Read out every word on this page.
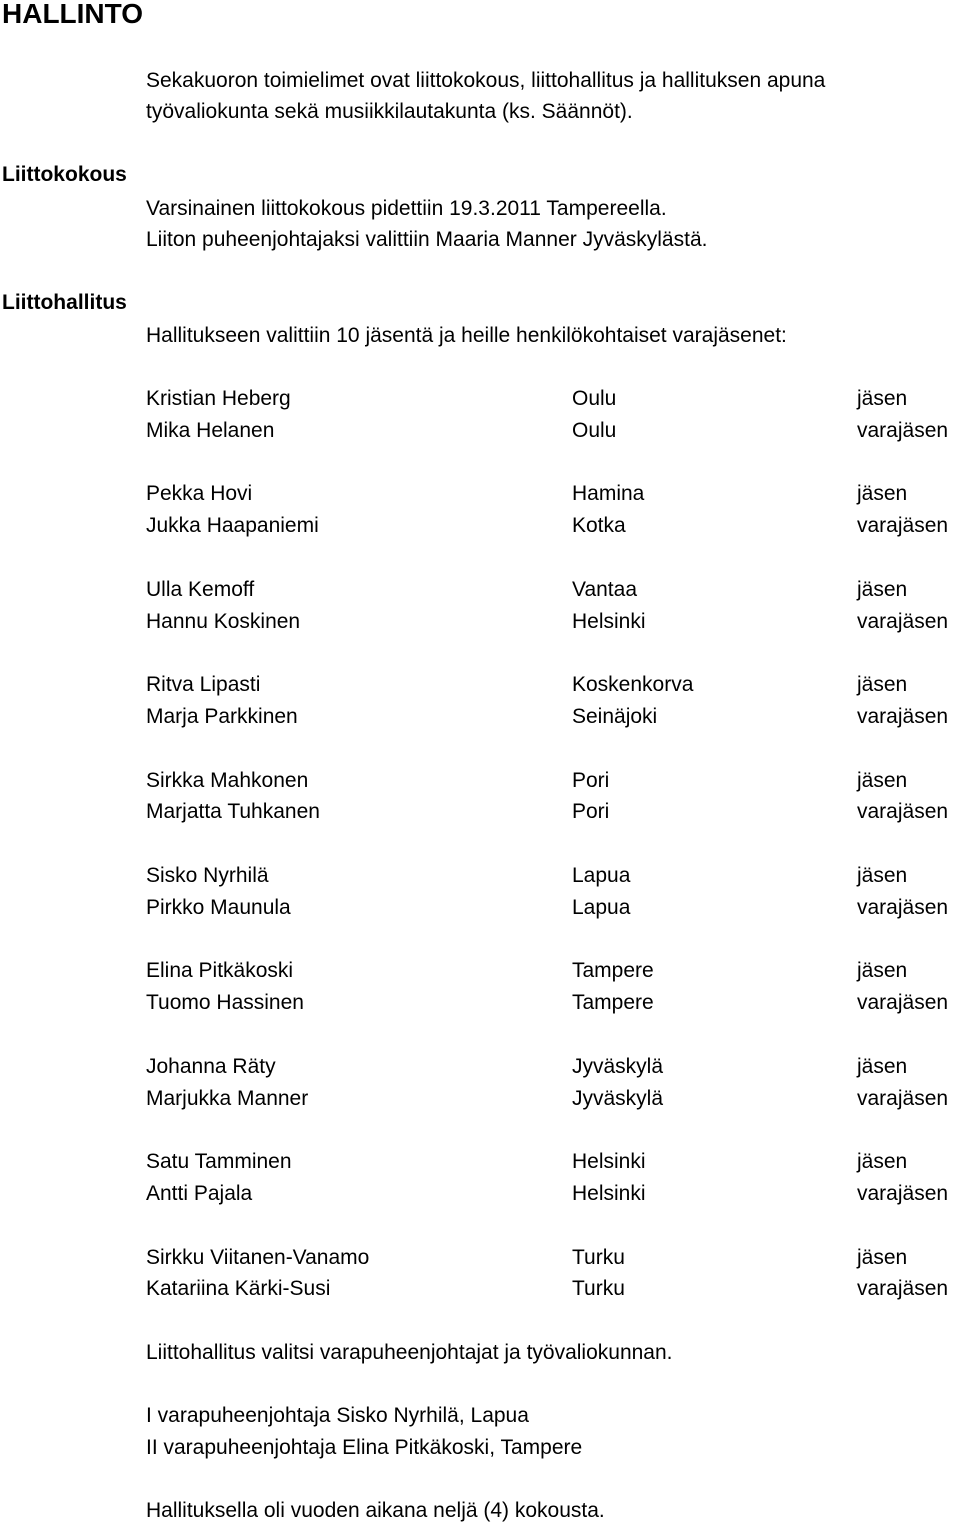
HALLINTO
Sekakuoron toimielimet ovat liittokokous, liittohallitus ja hallituksen apuna
työvaliokunta sekä musiikkilautakunta (ks. Säännöt).
Liittokokous
Varsinainen liittokokous pidettiin 19.3.2011 Tampereella.
Liiton puheenjohtajaksi valittiin Maaria Manner Jyväskylästä.
Liittohallitus
Hallitukseen valittiin 10 jäsentä ja heille henkilökohtaiset varajäsenet:
Kristian Heberg	Oulu	jäsen
Mika Helanen	Oulu	varajäsen
Pekka Hovi	Hamina	jäsen
Jukka Haapaniemi	Kotka	varajäsen
Ulla Kemoff	Vantaa	jäsen
Hannu Koskinen	Helsinki	varajäsen
Ritva Lipasti	Koskenkorva	jäsen
Marja Parkkinen	Seinäjoki	varajäsen
Sirkka Mahkonen	Pori	jäsen
Marjatta Tuhkanen	Pori	varajäsen
Sisko Nyrhilä	Lapua	jäsen
Pirkko Maunula	Lapua	varajäsen
Elina Pitkäkoski	Tampere	jäsen
Tuomo Hassinen	Tampere	varajäsen
Johanna Räty	Jyväskylä	jäsen
Marjukka Manner	Jyväskylä	varajäsen
Satu Tamminen	Helsinki	jäsen
Antti Pajala	Helsinki	varajäsen
Sirkku Viitanen-Vanamo	Turku	jäsen
Katariina Kärki-Susi	Turku	varajäsen
Liittohallitus valitsi varapuheenjohtajat ja työvaliokunnan.
I varapuheenjohtaja Sisko Nyrhilä, Lapua
II varapuheenjohtaja Elina Pitkäkoski, Tampere
Hallituksella oli vuoden aikana neljä (4) kokousta.
